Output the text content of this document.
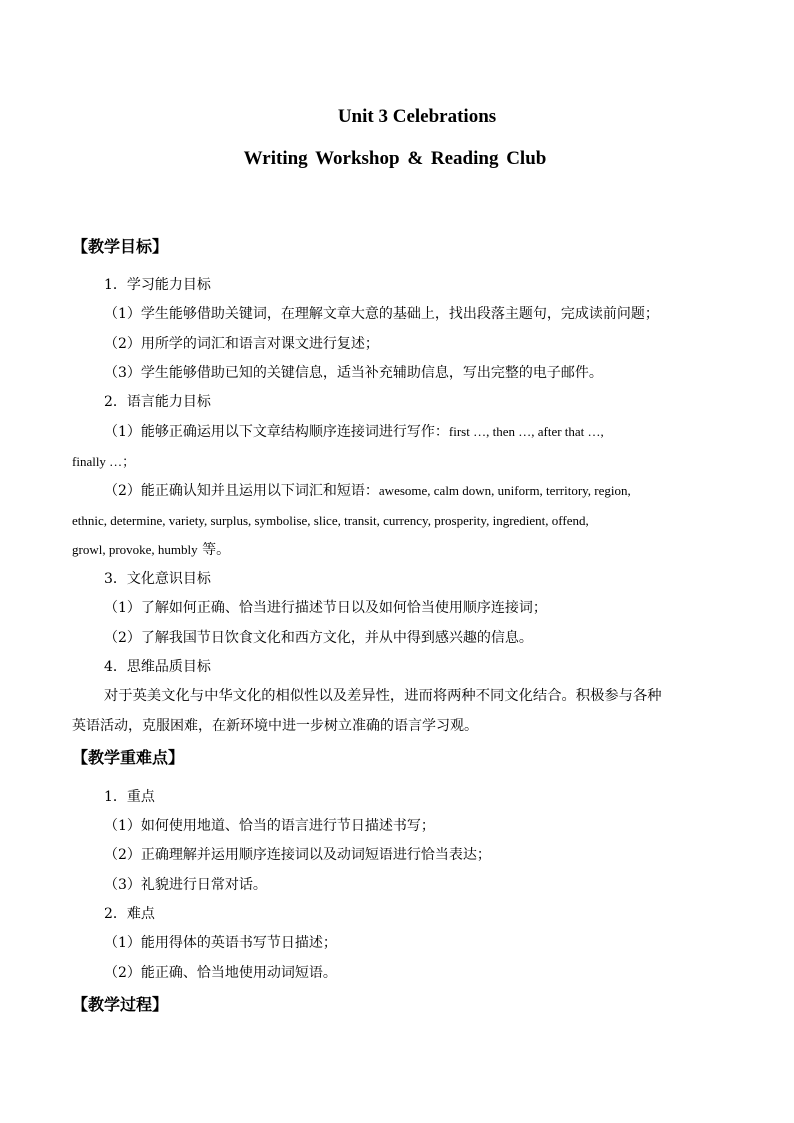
Unit 3 Celebrations
Writing Workshop & Reading Club
【教学目标】
1．学习能力目标
（1）学生能够借助关键词，在理解文章大意的基础上，找出段落主题句，完成读前问题；
（2）用所学的词汇和语言对课文进行复述；
（3）学生能够借助已知的关键信息，适当补充辅助信息，写出完整的电子邮件。
2．语言能力目标
（1）能够正确运用以下文章结构顺序连接词进行写作：first …, then …, after that …,
finally …；
（2）能正确认知并且运用以下词汇和短语：awesome, calm down, uniform, territory, region,
ethnic, determine, variety, surplus, symbolise, slice, transit, currency, prosperity, ingredient, offend,
growl, provoke, humbly 等。
3．文化意识目标
（1）了解如何正确、恰当进行描述节日以及如何恰当使用顺序连接词；
（2）了解我国节日饮食文化和西方文化，并从中得到感兴趣的信息。
4．思维品质目标
对于英美文化与中华文化的相似性以及差异性，进而将两种不同文化结合。积极参与各种
英语活动，克服困难，在新环境中进一步树立准确的语言学习观。
【教学重难点】
1．重点
（1）如何使用地道、恰当的语言进行节日描述书写；
（2）正确理解并运用顺序连接词以及动词短语进行恰当表达；
（3）礼貌进行日常对话。
2．难点
（1）能用得体的英语书写节日描述；
（2）能正确、恰当地使用动词短语。
【教学过程】
